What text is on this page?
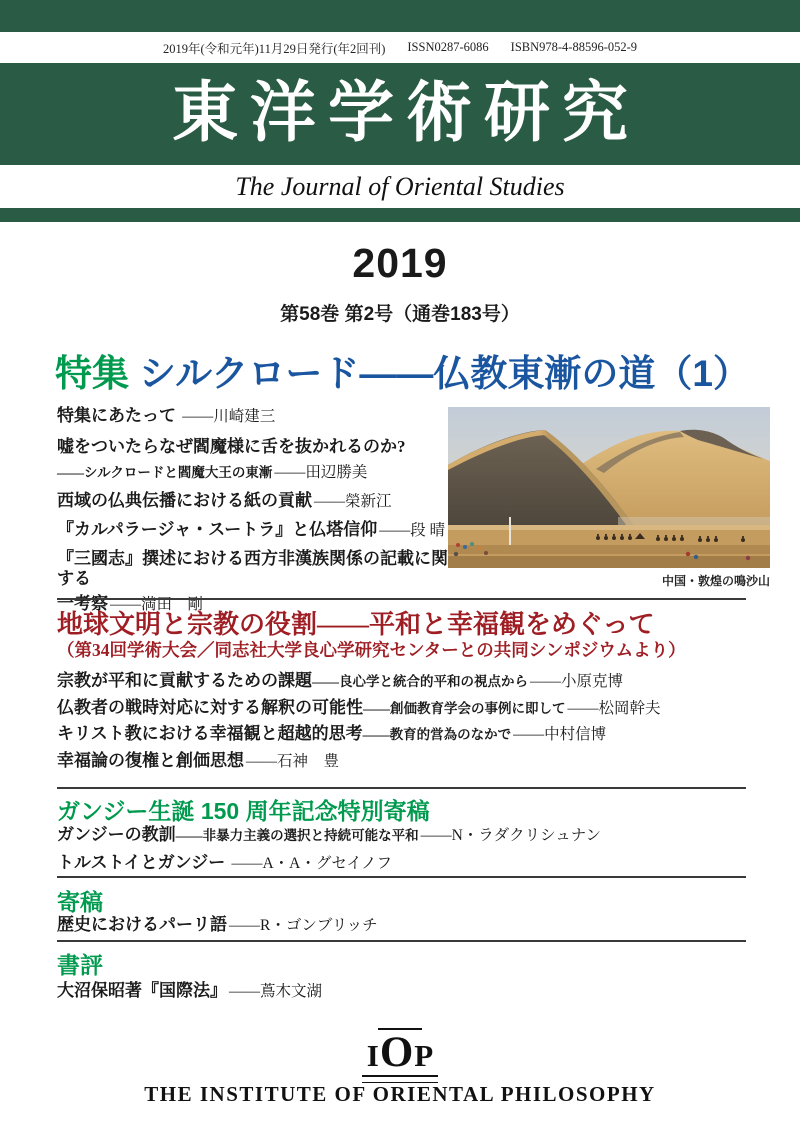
2019年(令和元年)11月29日発行(年2回刊) ISSN0287-6086 ISBN978-4-88596-052-9
東洋学術研究
The Journal of Oriental Studies
2019
第58巻 第2号（通巻183号）
特集 シルクロード——仏教東漸の道（1）

特集にあたって ——川崎建三

嘘をついたらなぜ閻魔様に舌を抜かれるのか?

——シルクロードと閻魔大王の東漸 ——田辺勝美

西域の仏典伝播における紙の貢献 ——榮新江

『カルパラージャ・スートラ』と仏塔信仰 ——段 晴

『三國志』撰述における西方非漢族関係の記載に関する

一考察 ——満田　剛

中国・敦煌の鳴沙山
地球文明と宗教の役割——平和と幸福観をめぐって
（第34回学術大会／同志社大学良心学研究センターとの共同シンポジウムより）

宗教が平和に貢献するための課題——良心学と統合的平和の視点から ——小原克博

仏教者の戦時対応に対する解釈の可能性——創価教育学会の事例に即して ——松岡幹夫

キリスト教における幸福観と超越的思考——教育的営為のなかで ——中村信博

幸福論の復権と創価思想 ——石神　豊

ガンジー生誕 150 周年記念特別寄稿

ガンジーの教訓——非暴力主義の選択と持続可能な平和 ——N・ラダクリシュナン

トルストイとガンジー ——A・A・グセイノフ

寄稿

歴史におけるパーリ語 ——R・ゴンブリッチ

書評

大沼保昭著『国際法』 ——蔦木文湖

I O P
THE INSTITUTE OF ORIENTAL PHILOSOPHY
